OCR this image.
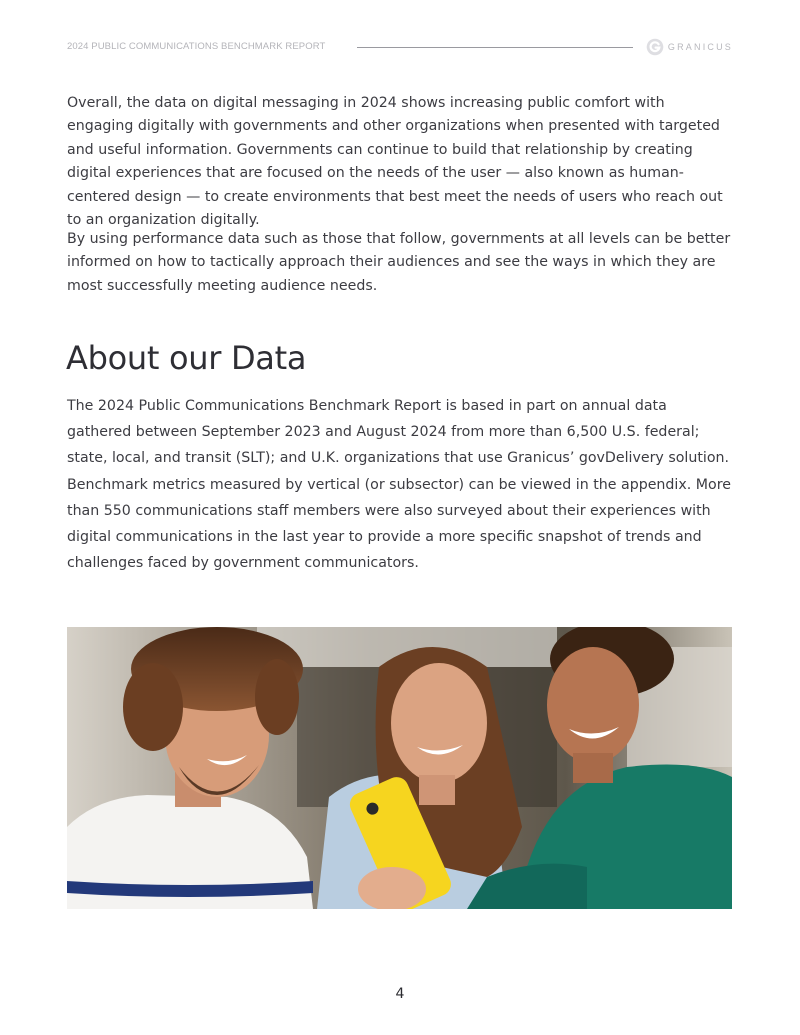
2024 PUBLIC COMMUNICATIONS BENCHMARK REPORT	GRANICUS

Overall, the data on digital messaging in 2024 shows increasing public comfort with engaging digitally with governments and other organizations when presented with targeted and useful information. Governments can continue to build that relationship by creating digital experiences that are focused on the needs of the user — also known as human-centered design — to create environments that best meet the needs of users who reach out to an organization digitally.

By using performance data such as those that follow, governments at all levels can be better informed on how to tactically approach their audiences and see the ways in which they are most successfully meeting audience needs.

About our Data

The 2024 Public Communications Benchmark Report is based in part on annual data gathered between September 2023 and August 2024 from more than 6,500 U.S. federal; state, local, and transit (SLT); and U.K. organizations that use Granicus’ govDelivery solution. Benchmark metrics measured by vertical (or subsector) can be viewed in the appendix. More than 550 communications staff members were also surveyed about their experiences with digital communications in the last year to provide a more specific snapshot of trends and challenges faced by government communicators.

4
